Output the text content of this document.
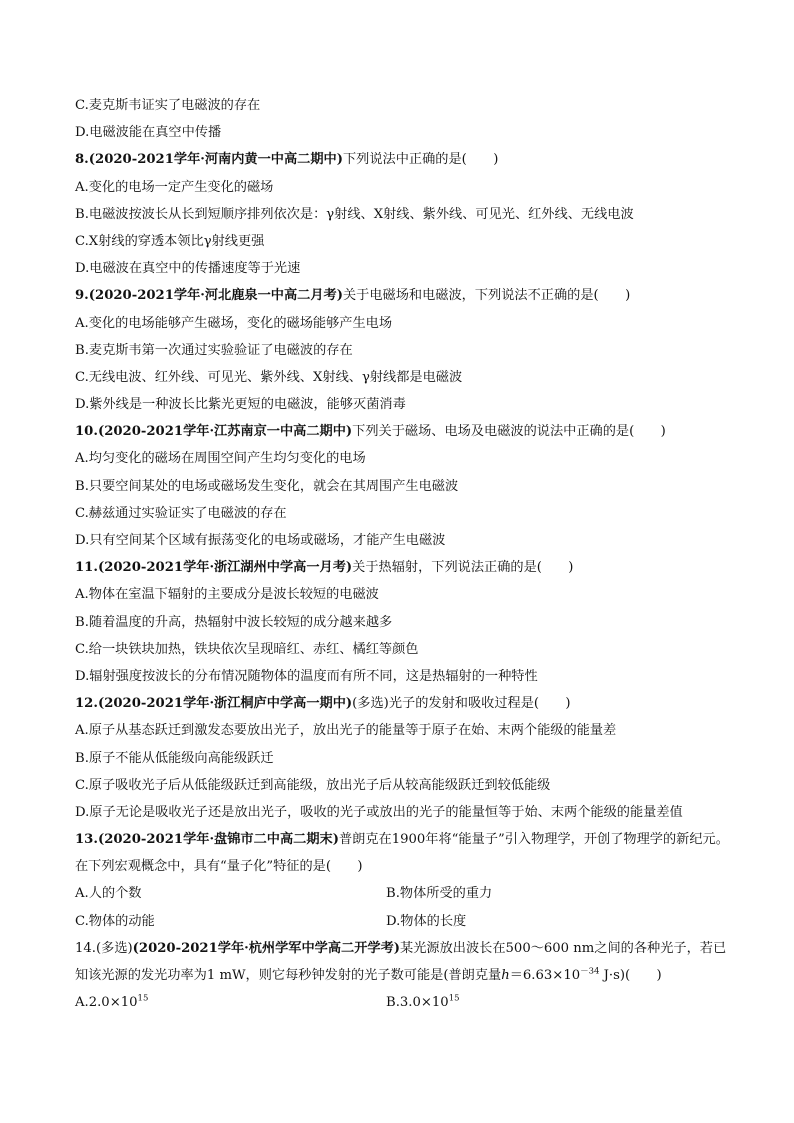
C.麦克斯韦证实了电磁波的存在
D.电磁波能在真空中传播
8.(2020-2021学年·河南内黄一中高二期中)下列说法中正确的是(　　)
A.变化的电场一定产生变化的磁场
B.电磁波按波长从长到短顺序排列依次是：γ射线、X射线、紫外线、可见光、红外线、无线电波
C.X射线的穿透本领比γ射线更强
D.电磁波在真空中的传播速度等于光速
9.(2020-2021学年·河北鹿泉一中高二月考)关于电磁场和电磁波，下列说法不正确的是(　　)
A.变化的电场能够产生磁场，变化的磁场能够产生电场
B.麦克斯韦第一次通过实验验证了电磁波的存在
C.无线电波、红外线、可见光、紫外线、X射线、γ射线都是电磁波
D.紫外线是一种波长比紫光更短的电磁波，能够灭菌消毒
10.(2020-2021学年·江苏南京一中高二期中)下列关于磁场、电场及电磁波的说法中正确的是(　　)
A.均匀变化的磁场在周围空间产生均匀变化的电场
B.只要空间某处的电场或磁场发生变化，就会在其周围产生电磁波
C.赫兹通过实验证实了电磁波的存在
D.只有空间某个区域有振荡变化的电场或磁场，才能产生电磁波
11.(2020-2021学年·浙江湖州中学高一月考)关于热辐射，下列说法正确的是(　　)
A.物体在室温下辐射的主要成分是波长较短的电磁波
B.随着温度的升高，热辐射中波长较短的成分越来越多
C.给一块铁块加热，铁块依次呈现暗红、赤红、橘红等颜色
D.辐射强度按波长的分布情况随物体的温度而有所不同，这是热辐射的一种特性
12.(2020-2021学年·浙江桐庐中学高一期中)(多选)光子的发射和吸收过程是(　　)
A.原子从基态跃迁到激发态要放出光子，放出光子的能量等于原子在始、末两个能级的能量差
B.原子不能从低能级向高能级跃迁
C.原子吸收光子后从低能级跃迁到高能级，放出光子后从较高能级跃迁到较低能级
D.原子无论是吸收光子还是放出光子，吸收的光子或放出的光子的能量恒等于始、末两个能级的能量差值
13.(2020-2021学年·盘锦市二中高二期末)普朗克在1900年将“能量子”引入物理学，开创了物理学的新纪元。
在下列宏观概念中，具有“量子化”特征的是(　　)
A.人的个数	B.物体所受的重力
C.物体的动能	D.物体的长度
14.(多选)(2020-2021学年·杭州学军中学高二开学考)某光源放出波长在500～600 nm之间的各种光子，若已
知该光源的发光功率为1 mW，则它每秒钟发射的光子数可能是(普朗克量$h=6.63\times 10^{-34}$ J·s)(　　)
$A.2.0\times 10^{15}$	$B.3.0\times 10^{15}$
